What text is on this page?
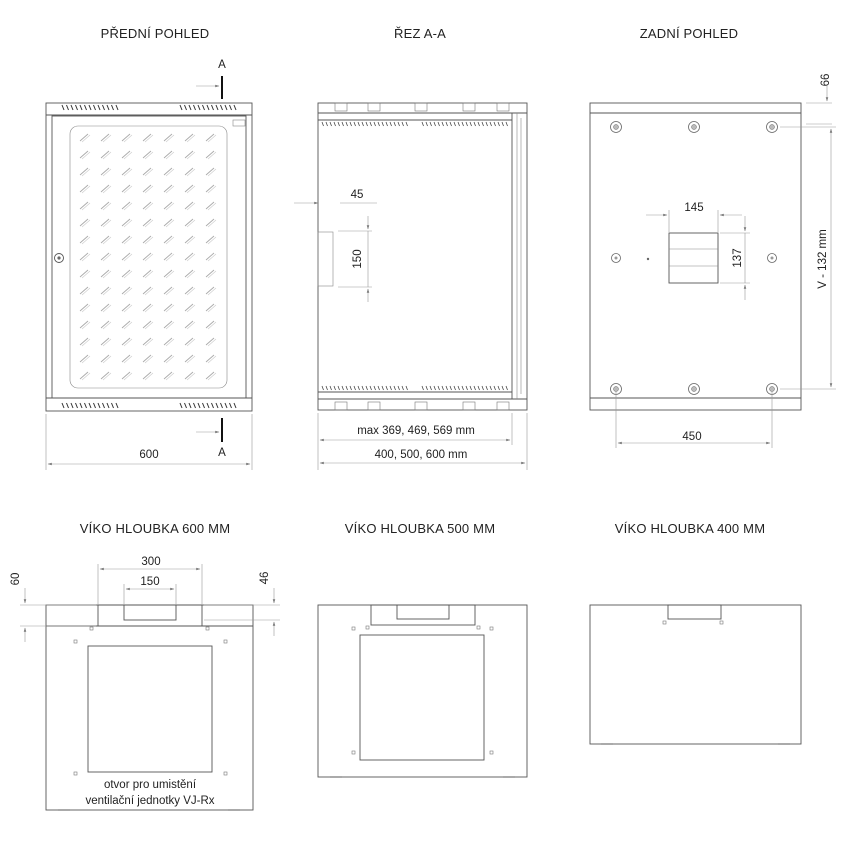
PŘEDNÍ POHLED	ŘEZ A-A	ZADNÍ POHLED
VÍKO HLOUBKA 600 MM	VÍKO HLOUBKA 500 MM	VÍKO HLOUBKA 400 MM
A
A
600
45
150
max 369, 469, 569 mm
400, 500, 600 mm
66
V - 132 mm
145
137
450
300
150
60	46
otvor pro umistění
ventilační jednotky VJ-Rx
